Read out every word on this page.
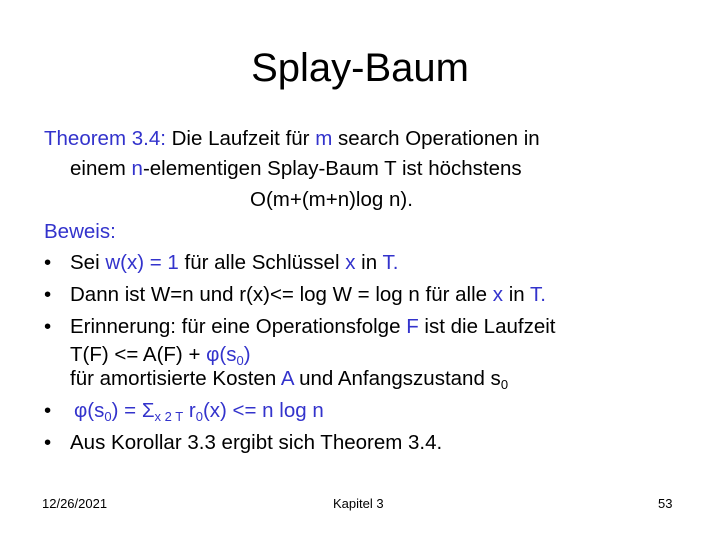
Splay-Baum
Theorem 3.4: Die Laufzeit für m search Operationen in
einem n-elementigen Splay-Baum T ist höchstens
O(m+(m+n)log n).
Beweis:
• Sei w(x) = 1 für alle Schlüssel x in T.
• Dann ist W=n und r(x)<= log W = log n für alle x in T.
• Erinnerung: für eine Operationsfolge F ist die Laufzeit
$T(F) <= A(F) + \varphi(s_0)$
für amortisierte Kosten A und Anfangszustand $s_0$
• $\varphi(s_0) = \Sigma_{x 2 T}$ $r_0(x) <= n$ log n
• Aus Korollar 3.3 ergibt sich Theorem 3.4.
12/26/2021	Kapitel 3	53
